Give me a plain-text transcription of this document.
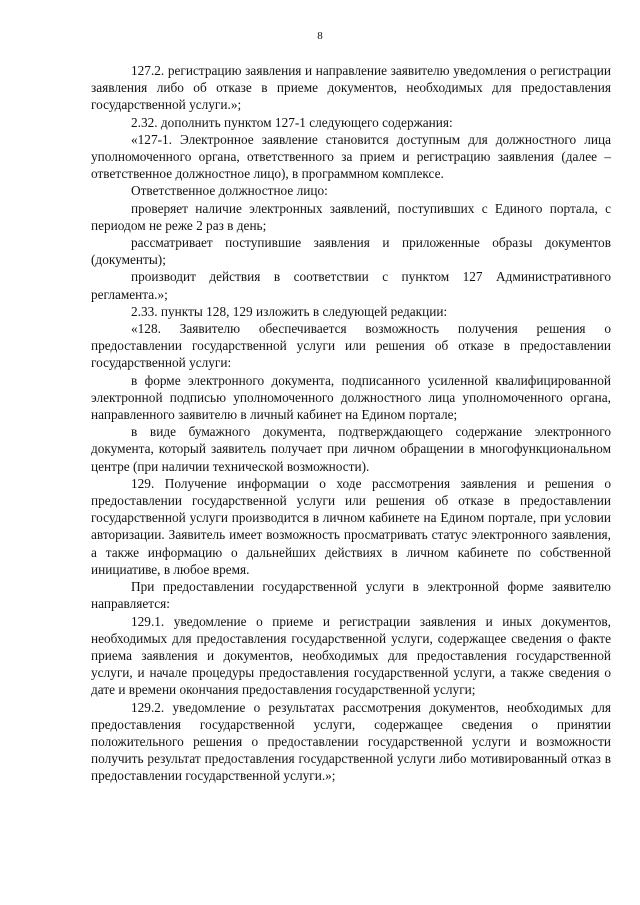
8

127.2. регистрацию заявления и направление заявителю уведомления о регистрации заявления либо об отказе в приеме документов, необходимых для предоставления государственной услуги.»;

2.32. дополнить пунктом 127-1 следующего содержания:

«127-1. Электронное заявление становится доступным для должностного лица уполномоченного органа, ответственного за прием и регистрацию заявления (далее – ответственное должностное лицо), в программном комплексе.

Ответственное должностное лицо:

проверяет наличие электронных заявлений, поступивших с Единого портала, с периодом не реже 2 раз в день;

рассматривает поступившие заявления и приложенные образы документов (документы);

производит действия в соответствии с пунктом 127 Административного регламента.»;

2.33. пункты 128, 129 изложить в следующей редакции:

«128. Заявителю обеспечивается возможность получения решения о предоставлении государственной услуги или решения об отказе в предоставлении государственной услуги:

в форме электронного документа, подписанного усиленной квалифицированной электронной подписью уполномоченного должностного лица уполномоченного органа, направленного заявителю в личный кабинет на Едином портале;

в виде бумажного документа, подтверждающего содержание электронного документа, который заявитель получает при личном обращении в многофункциональном центре (при наличии технической возможности).

129. Получение информации о ходе рассмотрения заявления и решения о предоставлении государственной услуги или решения об отказе в предоставлении государственной услуги производится в личном кабинете на Едином портале, при условии авторизации. Заявитель имеет возможность просматривать статус электронного заявления, а также информацию о дальнейших действиях в личном кабинете по собственной инициативе, в любое время.

При предоставлении государственной услуги в электронной форме заявителю направляется:

129.1. уведомление о приеме и регистрации заявления и иных документов, необходимых для предоставления государственной услуги, содержащее сведения о факте приема заявления и документов, необходимых для предоставления государственной услуги, и начале процедуры предоставления государственной услуги, а также сведения о дате и времени окончания предоставления государственной услуги;

129.2. уведомление о результатах рассмотрения документов, необходимых для предоставления государственной услуги, содержащее сведения о принятии положительного решения о предоставлении государственной услуги и возможности получить результат предоставления государственной услуги либо мотивированный отказ в предоставлении государственной услуги.»;
